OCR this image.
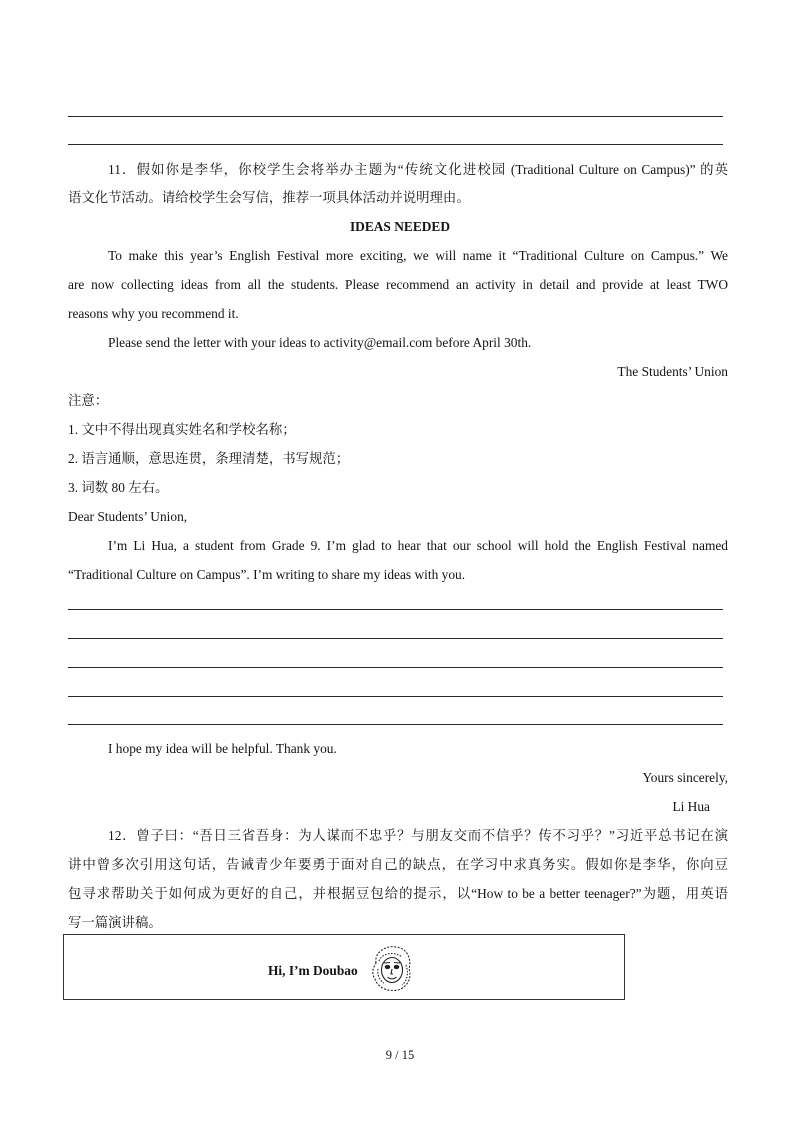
11．假如你是李华，你校学生会将举办主题为“传统文化进校园 (Traditional Culture on Campus)” 的英
语文化节活动。请给校学生会写信，推荐一项具体活动并说明理由。
IDEAS NEEDED
To make this year’s English Festival more exciting, we will name it “Traditional Culture on Campus.” We
are now collecting ideas from all the students. Please recommend an activity in detail and provide at least TWO
reasons why you recommend it.
Please send the letter with your ideas to activity@email.com before April 30th.
The Students’ Union
注意：
1. 文中不得出现真实姓名和学校名称；
2. 语言通顺，意思连贯，条理清楚，书写规范；
3. 词数 80 左右。
Dear Students’ Union,
I’m Li Hua, a student from Grade 9. I’m glad to hear that our school will hold the English Festival named
“Traditional Culture on Campus”. I’m writing to share my ideas with you.
I hope my idea will be helpful. Thank you.
Yours sincerely,
Li Hua
12．曾子曰：“吾日三省吾身：为人谋而不忠乎？与朋友交而不信乎？传不习乎？”习近平总书记在演
讲中曾多次引用这句话，告诫青少年要勇于面对自己的缺点，在学习中求真务实。假如你是李华，你向豆
包寻求帮助关于如何成为更好的自己，并根据豆包给的提示，以“How to be a better teenager?”为题，用英语
写一篇演讲稿。
Hi, I’m Doubao
9 / 15
